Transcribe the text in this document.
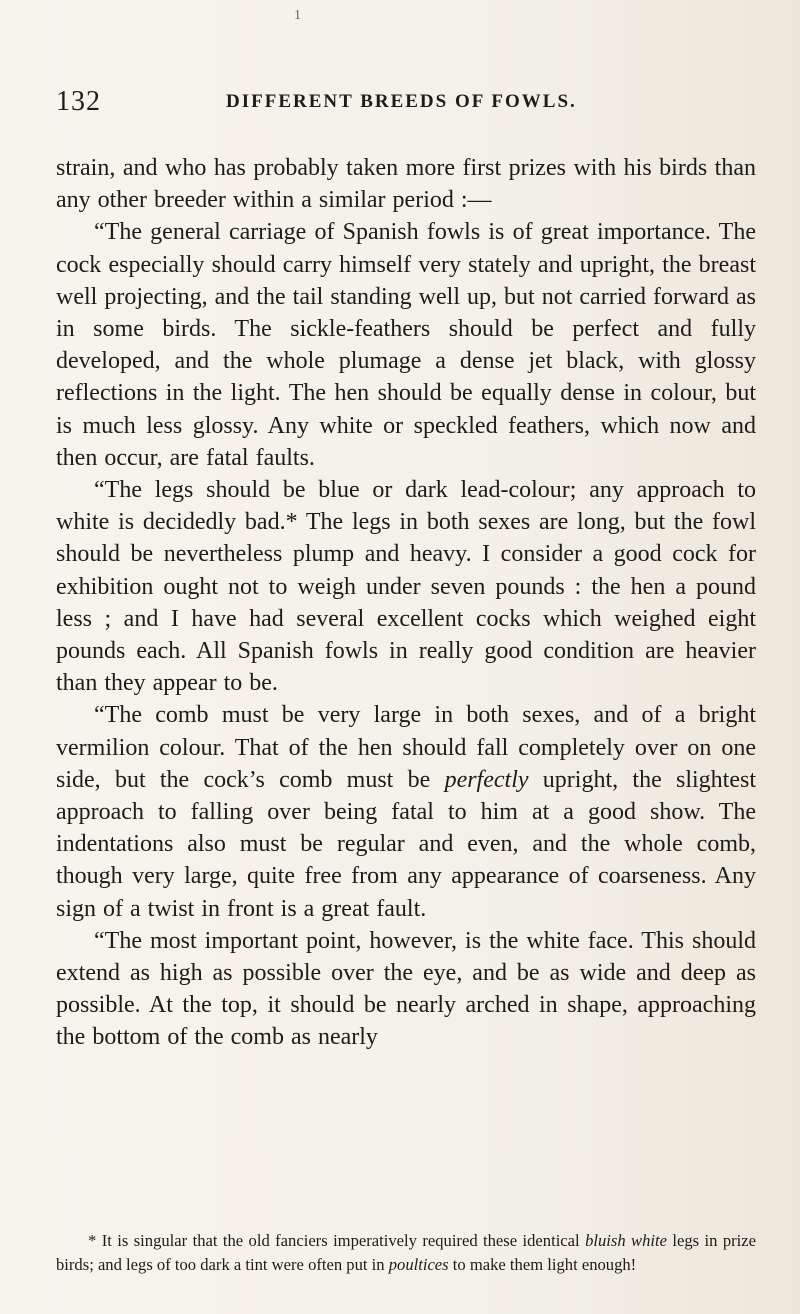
1
132	DIFFERENT BREEDS OF FOWLS.

strain, and who has probably taken more first prizes with his birds than any other breeder within a similar period :—

“The general carriage of Spanish fowls is of great importance. The cock especially should carry himself very stately and upright, the breast well projecting, and the tail standing well up, but not carried forward as in some birds. The sickle-feathers should be perfect and fully developed, and the whole plumage a dense jet black, with glossy reflections in the light. The hen should be equally dense in colour, but is much less glossy. Any white or speckled feathers, which now and then occur, are fatal faults.

“The legs should be blue or dark lead-colour; any approach to white is decidedly bad.* The legs in both sexes are long, but the fowl should be nevertheless plump and heavy. I consider a good cock for exhibition ought not to weigh under seven pounds : the hen a pound less ; and I have had several excellent cocks which weighed eight pounds each. All Spanish fowls in really good condition are heavier than they appear to be.

“The comb must be very large in both sexes, and of a bright vermilion colour. That of the hen should fall completely over on one side, but the cock’s comb must be perfectly upright, the slightest approach to falling over being fatal to him at a good show. The indentations also must be regular and even, and the whole comb, though very large, quite free from any appearance of coarseness. Any sign of a twist in front is a great fault.

“The most important point, however, is the white face. This should extend as high as possible over the eye, and be as wide and deep as possible. At the top, it should be nearly arched in shape, approaching the bottom of the comb as nearly

* It is singular that the old fanciers imperatively required these identical bluish white legs in prize birds; and legs of too dark a tint were often put in poultices to make them light enough!
